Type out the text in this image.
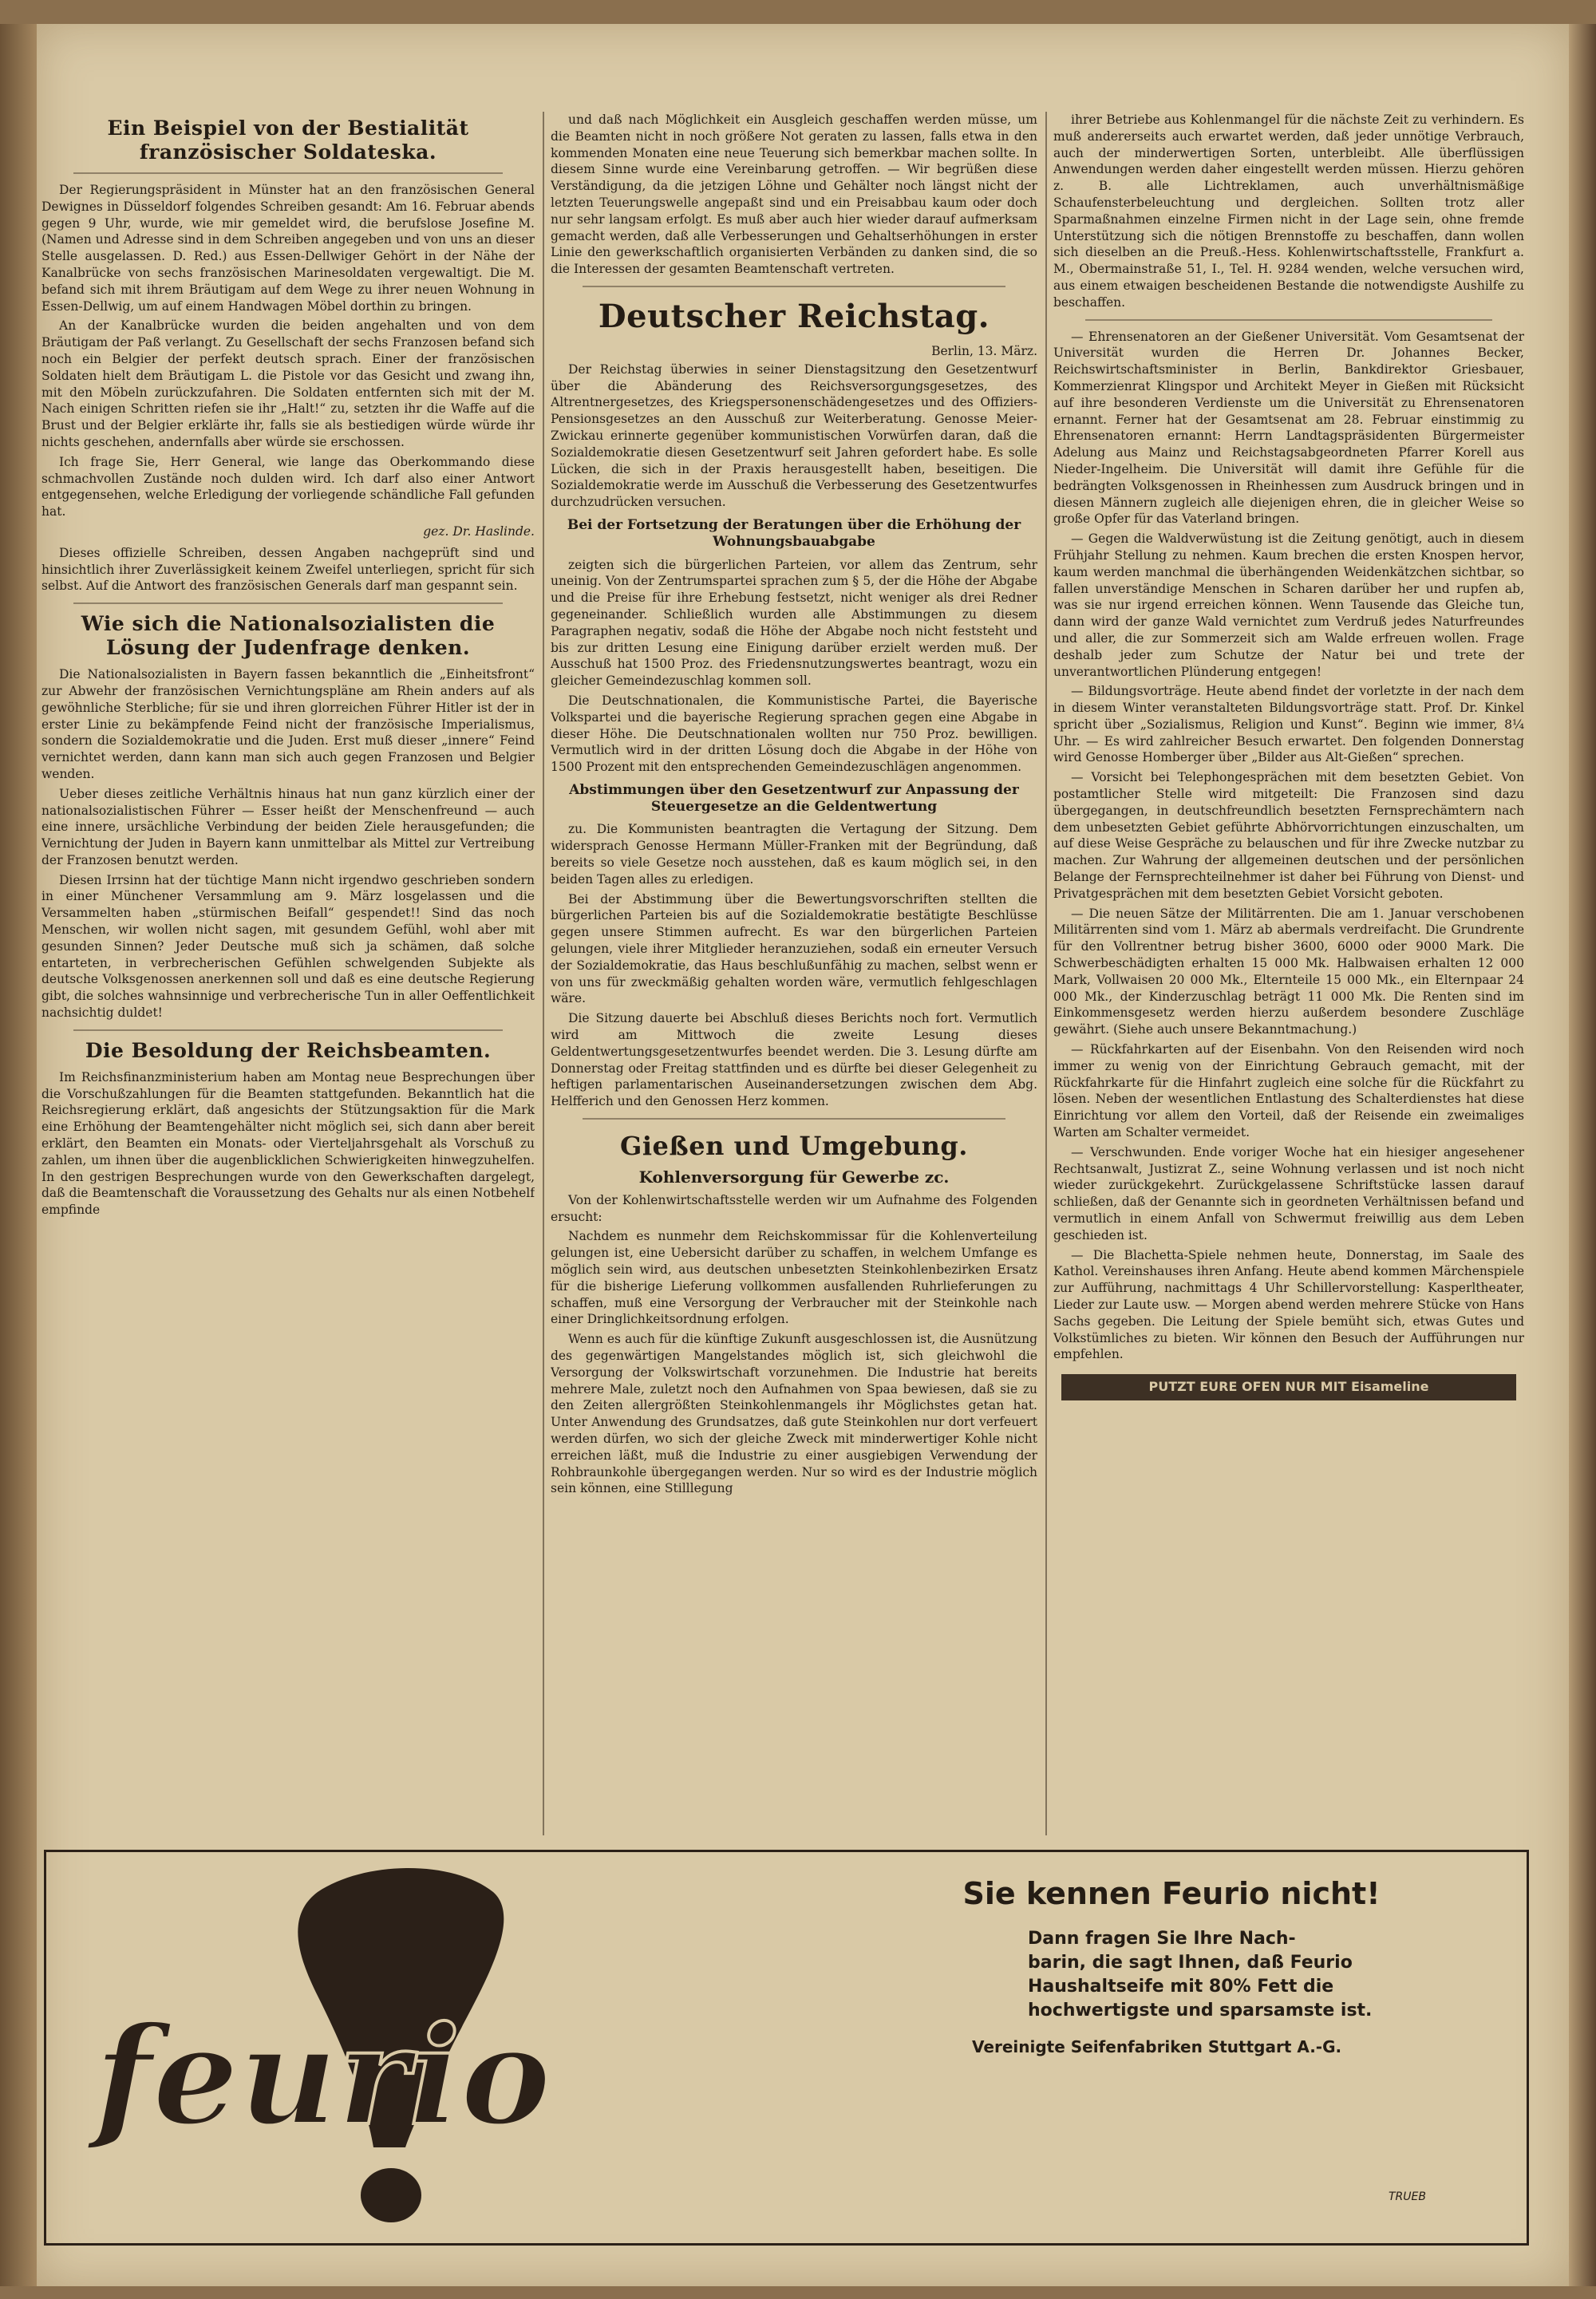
Ein Beispiel von der Bestialität französischer Soldateska.

Der Regierungspräsident in Münster hat an den französischen General Dewignes in Düsseldorf folgendes Schreiben gesandt: Am 16. Februar abends gegen 9 Uhr, wurde, wie mir gemeldet wird, die berufslose Josefine M. (Namen und Adresse sind in dem Schreiben angegeben und von uns an dieser Stelle ausgelassen. D. Red.) aus Essen-Dellwiger Gehört in der Nähe der Kanalbrücke von sechs französischen Marinesoldaten vergewaltigt. Die M. befand sich mit ihrem Bräutigam auf dem Wege zu ihrer neuen Wohnung in Essen-Dellwig, um auf einem Handwagen Möbel dorthin zu bringen.

An der Kanalbrücke wurden die beiden angehalten und von dem Bräutigam der Paß verlangt. Zu Gesellschaft der sechs Franzosen befand sich noch ein Belgier der perfekt deutsch sprach. Einer der französischen Soldaten hielt dem Bräutigam L. die Pistole vor das Gesicht und zwang ihn, mit den Möbeln zurückzufahren. Die Soldaten entfernten sich mit der M. Nach einigen Schritten riefen sie ihr „Halt!“ zu, setzten ihr die Waffe auf die Brust und der Belgier erklärte ihr, falls sie als bestiedigen würde würde ihr nichts geschehen, andernfalls aber würde sie erschossen.

Ich frage Sie, Herr General, wie lange das Oberkommando diese schmachvollen Zustände noch dulden wird. Ich darf also einer Antwort entgegensehen, welche Erledigung der vorliegende schändliche Fall gefunden hat.

gez. Dr. Haslinde.

Dieses offizielle Schreiben, dessen Angaben nachgeprüft sind und hinsichtlich ihrer Zuverlässigkeit keinem Zweifel unterliegen, spricht für sich selbst. Auf die Antwort des französischen Generals darf man gespannt sein.

Wie sich die Nationalsozialisten die Lösung der Judenfrage denken.

Die Nationalsozialisten in Bayern fassen bekanntlich die „Einheitsfront“ zur Abwehr der französischen Vernichtungspläne am Rhein anders auf als gewöhnliche Sterbliche; für sie und ihren glorreichen Führer Hitler ist der in erster Linie zu bekämpfende Feind nicht der französische Imperialismus, sondern die Sozialdemokratie und die Juden. Erst muß dieser „innere“ Feind vernichtet werden, dann kann man sich auch gegen Franzosen und Belgier wenden.

Ueber dieses zeitliche Verhältnis hinaus hat nun ganz kürzlich einer der nationalsozialistischen Führer — Esser heißt der Menschenfreund — auch eine innere, ursächliche Verbindung der beiden Ziele herausgefunden; die Vernichtung der Juden in Bayern kann unmittelbar als Mittel zur Vertreibung der Franzosen benutzt werden.

Diesen Irrsinn hat der tüchtige Mann nicht irgendwo geschrieben sondern in einer Münchener Versammlung am 9. März losgelassen und die Versammelten haben „stürmischen Beifall“ gespendet!! Sind das noch Menschen, wir wollen nicht sagen, mit gesundem Gefühl, wohl aber mit gesunden Sinnen? Jeder Deutsche muß sich ja schämen, daß solche entarteten, in verbrecherischen Gefühlen schwelgenden Subjekte als deutsche Volksgenossen anerkennen soll und daß es eine deutsche Regierung gibt, die solches wahnsinnige und verbrecherische Tun in aller Oeffentlichkeit nachsichtig duldet!

Die Besoldung der Reichsbeamten.

Im Reichsfinanzministerium haben am Montag neue Besprechungen über die Vorschußzahlungen für die Beamten stattgefunden. Bekanntlich hat die Reichsregierung erklärt, daß angesichts der Stützungsaktion für die Mark eine Erhöhung der Beamtengehälter nicht möglich sei, sich dann aber bereit erklärt, den Beamten ein Monats- oder Vierteljahrsgehalt als Vorschuß zu zahlen, um ihnen über die augenblicklichen Schwierigkeiten hinwegzuhelfen. In den gestrigen Besprechungen wurde von den Gewerkschaften dargelegt, daß die Beamtenschaft die Voraussetzung des Gehalts nur als einen Notbehelf empfinde

und daß nach Möglichkeit ein Ausgleich geschaffen werden müsse, um die Beamten nicht in noch größere Not geraten zu lassen, falls etwa in den kommenden Monaten eine neue Teuerung sich bemerkbar machen sollte. In diesem Sinne wurde eine Vereinbarung getroffen. — Wir begrüßen diese Verständigung, da die jetzigen Löhne und Gehälter noch längst nicht der letzten Teuerungswelle angepaßt sind und ein Preisabbau kaum oder doch nur sehr langsam erfolgt. Es muß aber auch hier wieder darauf aufmerksam gemacht werden, daß alle Verbesserungen und Gehaltserhöhungen in erster Linie den gewerkschaftlich organisierten Verbänden zu danken sind, die so die Interessen der gesamten Beamtenschaft vertreten.

Deutscher Reichstag.
Berlin, 13. März.

Der Reichstag überwies in seiner Dienstagsitzung den Gesetzentwurf über die Abänderung des Reichsversorgungsgesetzes, des Altrentnergesetzes, des Kriegspersonenschädengesetzes und des Offiziers-Pensionsgesetzes an den Ausschuß zur Weiterberatung. Genosse Meier-Zwickau erinnerte gegenüber kommunistischen Vorwürfen daran, daß die Sozialdemokratie diesen Gesetzentwurf seit Jahren gefordert habe. Es solle Lücken, die sich in der Praxis herausgestellt haben, beseitigen. Die Sozialdemokratie werde im Ausschuß die Verbesserung des Gesetzentwurfes durchzudrücken versuchen.

Bei der Fortsetzung der Beratungen über die Erhöhung der Wohnungsbauabgabe

zeigten sich die bürgerlichen Parteien, vor allem das Zentrum, sehr uneinig. Von der Zentrumspartei sprachen zum § 5, der die Höhe der Abgabe und die Preise für ihre Erhebung festsetzt, nicht weniger als drei Redner gegeneinander. Schließlich wurden alle Abstimmungen zu diesem Paragraphen negativ, sodaß die Höhe der Abgabe noch nicht feststeht und bis zur dritten Lesung eine Einigung darüber erzielt werden muß. Der Ausschuß hat 1500 Proz. des Friedensnutzungswertes beantragt, wozu ein gleicher Gemeindezuschlag kommen soll.

Die Deutschnationalen, die Kommunistische Partei, die Bayerische Volkspartei und die bayerische Regierung sprachen gegen eine Abgabe in dieser Höhe. Die Deutschnationalen wollten nur 750 Proz. bewilligen. Vermutlich wird in der dritten Lösung doch die Abgabe in der Höhe von 1500 Prozent mit den entsprechenden Gemeindezuschlägen angenommen.

Abstimmungen über den Gesetzentwurf zur Anpassung der Steuergesetze an die Geldentwertung

zu. Die Kommunisten beantragten die Vertagung der Sitzung. Dem widersprach Genosse Hermann Müller-Franken mit der Begründung, daß bereits so viele Gesetze noch ausstehen, daß es kaum möglich sei, in den beiden Tagen alles zu erledigen.

Bei der Abstimmung über die Bewertungsvorschriften stellten die bürgerlichen Parteien bis auf die Sozialdemokratie bestätigte Beschlüsse gegen unsere Stimmen aufrecht. Es war den bürgerlichen Parteien gelungen, viele ihrer Mitglieder heranzuziehen, sodaß ein erneuter Versuch der Sozialdemokratie, das Haus beschlußunfähig zu machen, selbst wenn er von uns für zweckmäßig gehalten worden wäre, vermutlich fehlgeschlagen wäre.

Die Sitzung dauerte bei Abschluß dieses Berichts noch fort. Vermutlich wird am Mittwoch die zweite Lesung dieses Geldentwertungsgesetzentwurfes beendet werden. Die 3. Lesung dürfte am Donnerstag oder Freitag stattfinden und es dürfte bei dieser Gelegenheit zu heftigen parlamentarischen Auseinandersetzungen zwischen dem Abg. Helfferich und den Genossen Herz kommen.

Gießen und Umgebung.
Kohlenversorgung für Gewerbe zc.

Von der Kohlenwirtschaftsstelle werden wir um Aufnahme des Folgenden ersucht:

Nachdem es nunmehr dem Reichskommissar für die Kohlenverteilung gelungen ist, eine Uebersicht darüber zu schaffen, in welchem Umfange es möglich sein wird, aus deutschen unbesetzten Steinkohlenbezirken Ersatz für die bisherige Lieferung vollkommen ausfallenden Ruhrlieferungen zu schaffen, muß eine Versorgung der Verbraucher mit der Steinkohle nach einer Dringlichkeitsordnung erfolgen.

Wenn es auch für die künftige Zukunft ausgeschlossen ist, die Ausnützung des gegenwärtigen Mangelstandes möglich ist, sich gleichwohl die Versorgung der Volkswirtschaft vorzunehmen. Die Industrie hat bereits mehrere Male, zuletzt noch den Aufnahmen von Spaa bewiesen, daß sie zu den Zeiten allergrößten Steinkohlenmangels ihr Möglichstes getan hat. Unter Anwendung des Grundsatzes, daß gute Steinkohlen nur dort verfeuert werden dürfen, wo sich der gleiche Zweck mit minderwertiger Kohle nicht erreichen läßt, muß die Industrie zu einer ausgiebigen Verwendung der Rohbraunkohle übergegangen werden. Nur so wird es der Industrie möglich sein können, eine Stilllegung

ihrer Betriebe aus Kohlenmangel für die nächste Zeit zu verhindern. Es muß andererseits auch erwartet werden, daß jeder unnötige Verbrauch, auch der minderwertigen Sorten, unterbleibt. Alle überflüssigen Anwendungen werden daher eingestellt werden müssen. Hierzu gehören z. B. alle Lichtreklamen, auch unverhältnismäßige Schaufensterbeleuchtung und dergleichen. Sollten trotz aller Sparmaßnahmen einzelne Firmen nicht in der Lage sein, ohne fremde Unterstützung sich die nötigen Brennstoffe zu beschaffen, dann wollen sich dieselben an die Preuß.-Hess. Kohlenwirtschaftsstelle, Frankfurt a. M., Obermainstraße 51, I., Tel. H. 9284 wenden, welche versuchen wird, aus einem etwaigen bescheidenen Bestande die notwendigste Aushilfe zu beschaffen.

— Ehrensenatoren an der Gießener Universität. Vom Gesamtsenat der Universität wurden die Herren Dr. Johannes Becker, Reichswirtschaftsminister in Berlin, Bankdirektor Griesbauer, Kommerzienrat Klingspor und Architekt Meyer in Gießen mit Rücksicht auf ihre besonderen Verdienste um die Universität zu Ehrensenatoren ernannt. Ferner hat der Gesamtsenat am 28. Februar einstimmig zu Ehrensenatoren ernannt: Herrn Landtagspräsidenten Bürgermeister Adelung aus Mainz und Reichstagsabgeordneten Pfarrer Korell aus Nieder-Ingelheim. Die Universität will damit ihre Gefühle für die bedrängten Volksgenossen in Rheinhessen zum Ausdruck bringen und in diesen Männern zugleich alle diejenigen ehren, die in gleicher Weise so große Opfer für das Vaterland bringen.

— Gegen die Waldverwüstung ist die Zeitung genötigt, auch in diesem Frühjahr Stellung zu nehmen. Kaum brechen die ersten Knospen hervor, kaum werden manchmal die überhängenden Weidenkätzchen sichtbar, so fallen unverständige Menschen in Scharen darüber her und rupfen ab, was sie nur irgend erreichen können. Wenn Tausende das Gleiche tun, dann wird der ganze Wald vernichtet zum Verdruß jedes Naturfreundes und aller, die zur Sommerzeit sich am Walde erfreuen wollen. Frage deshalb jeder zum Schutze der Natur bei und trete der unverantwortlichen Plünderung entgegen!

— Bildungsvorträge. Heute abend findet der vorletzte in der nach dem in diesem Winter veranstalteten Bildungsvorträge statt. Prof. Dr. Kinkel spricht über „Sozialismus, Religion und Kunst“. Beginn wie immer, 8¼ Uhr. — Es wird zahlreicher Besuch erwartet. Den folgenden Donnerstag wird Genosse Homberger über „Bilder aus Alt-Gießen“ sprechen.

— Vorsicht bei Telephongesprächen mit dem besetzten Gebiet. Von postamtlicher Stelle wird mitgeteilt: Die Franzosen sind dazu übergegangen, in deutschfreundlich besetzten Fernsprechämtern nach dem unbesetzten Gebiet geführte Abhörvorrichtungen einzuschalten, um auf diese Weise Gespräche zu belauschen und für ihre Zwecke nutzbar zu machen. Zur Wahrung der allgemeinen deutschen und der persönlichen Belange der Fernsprechteilnehmer ist daher bei Führung von Dienst- und Privatgesprächen mit dem besetzten Gebiet Vorsicht geboten.

— Die neuen Sätze der Militärrenten. Die am 1. Januar verschobenen Militärrenten sind vom 1. März ab abermals verdreifacht. Die Grundrente für den Vollrentner betrug bisher 3600, 6000 oder 9000 Mark. Die Schwerbeschädigten erhalten 15 000 Mk. Halbwaisen erhalten 12 000 Mark, Vollwaisen 20 000 Mk., Elternteile 15 000 Mk., ein Elternpaar 24 000 Mk., der Kinderzuschlag beträgt 11 000 Mk. Die Renten sind im Einkommensgesetz werden hierzu außerdem besondere Zuschläge gewährt. (Siehe auch unsere Bekanntmachung.)

— Rückfahrkarten auf der Eisenbahn. Von den Reisenden wird noch immer zu wenig von der Einrichtung Gebrauch gemacht, mit der Rückfahrkarte für die Hinfahrt zugleich eine solche für die Rückfahrt zu lösen. Neben der wesentlichen Entlastung des Schalterdienstes hat diese Einrichtung vor allem den Vorteil, daß der Reisende ein zweimaliges Warten am Schalter vermeidet.

— Verschwunden. Ende voriger Woche hat ein hiesiger angesehener Rechtsanwalt, Justizrat Z., seine Wohnung verlassen und ist noch nicht wieder zurückgekehrt. Zurückgelassene Schriftstücke lassen darauf schließen, daß der Genannte sich in geordneten Verhältnissen befand und vermutlich in einem Anfall von Schwermut freiwillig aus dem Leben geschieden ist.

— Die Blachetta-Spiele nehmen heute, Donnerstag, im Saale des Kathol. Vereinshauses ihren Anfang. Heute abend kommen Märchenspiele zur Aufführung, nachmittags 4 Uhr Schillervorstellung: Kasperltheater, Lieder zur Laute usw. — Morgen abend werden mehrere Stücke von Hans Sachs gegeben. Die Leitung der Spiele bemüht sich, etwas Gutes und Volkstümliches zu bieten. Wir können den Besuch der Aufführungen nur empfehlen.

PUTZT EURE OFEN NUR MIT Eisameline
feurio
Sie kennen Feurio nicht!
Dann fragen Sie Ihre Nach-
barin, die sagt Ihnen, daß Feurio
Haushaltseife mit 80% Fett die
hochwertigste und sparsamste ist.
Vereinigte Seifenfabriken Stuttgart A.-G.
TRUEB
